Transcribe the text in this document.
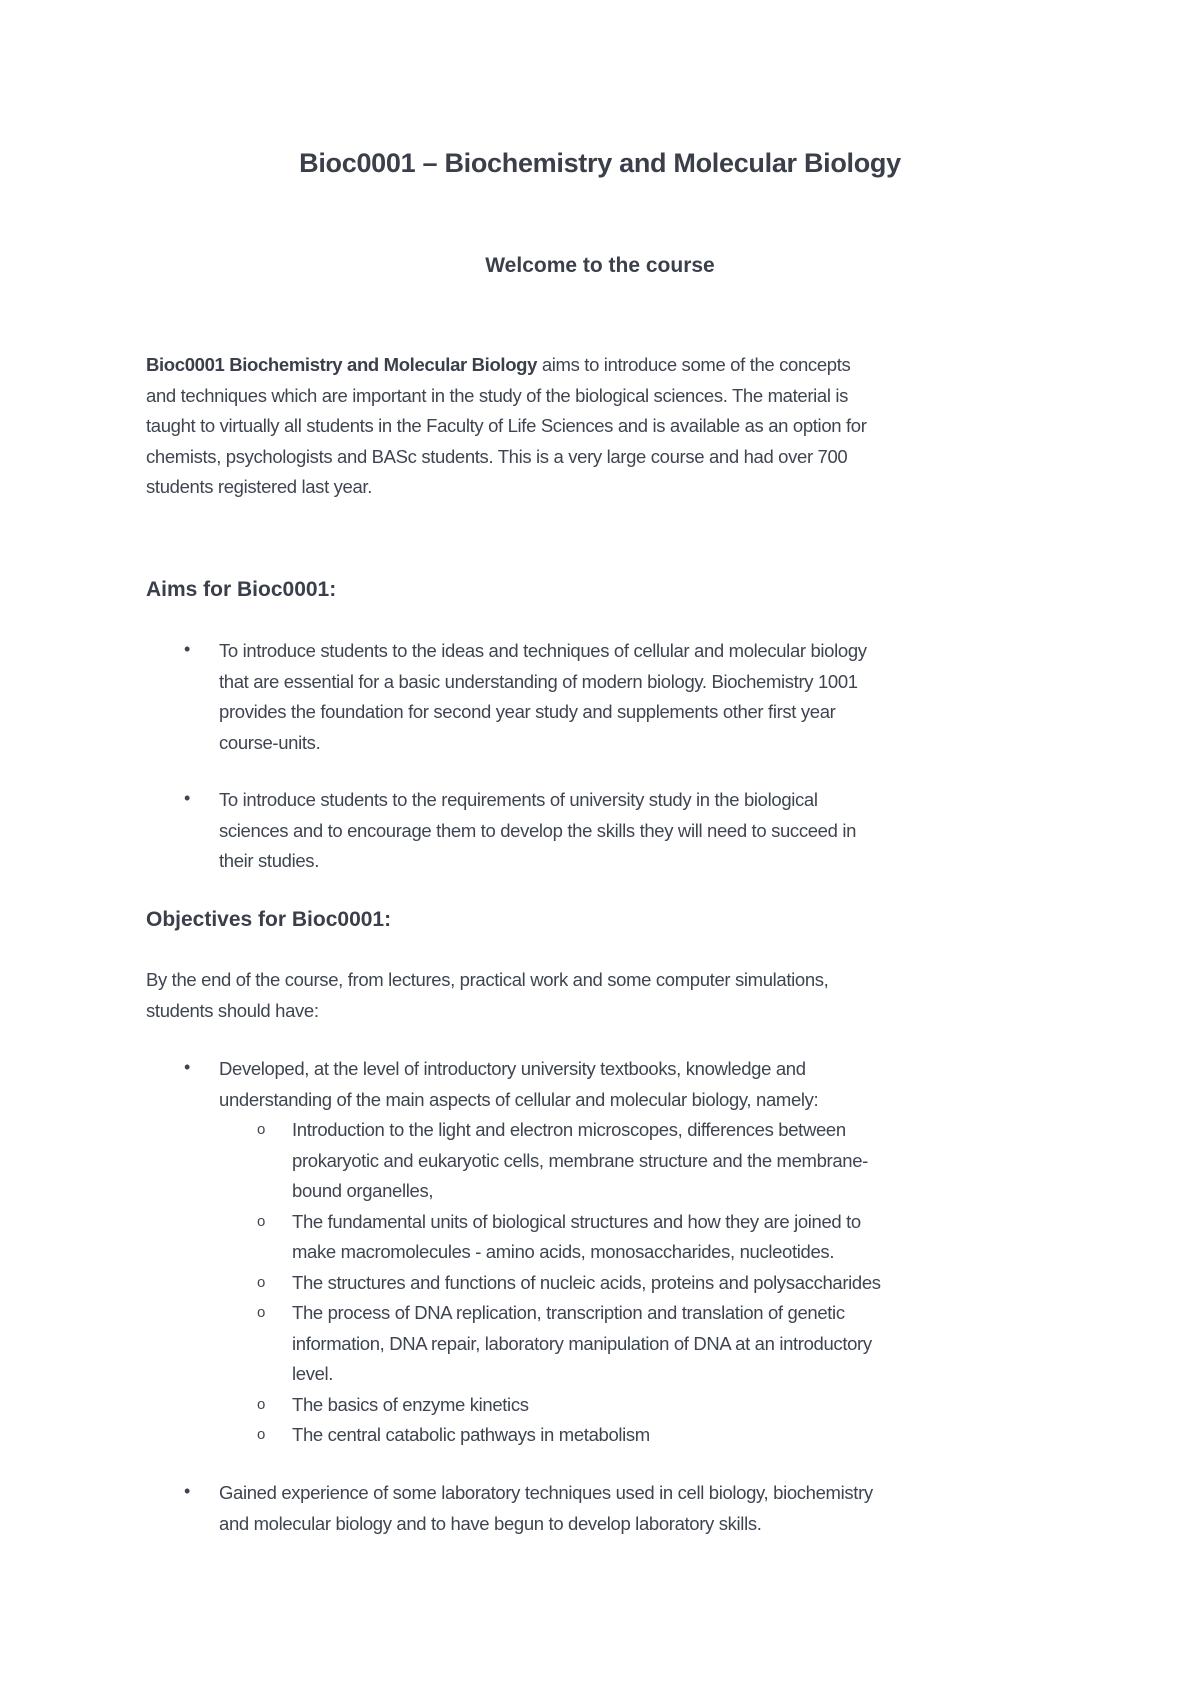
Bioc0001 – Biochemistry and Molecular Biology
Welcome to the course
Bioc0001 Biochemistry and Molecular Biology aims to introduce some of the concepts
and techniques which are important in the study of the biological sciences. The material is
taught to virtually all students in the Faculty of Life Sciences and is available as an option for
chemists, psychologists and BASc students. This is a very large course and had over 700
students registered last year.
Aims for Bioc0001:
• To introduce students to the ideas and techniques of cellular and molecular biology
that are essential for a basic understanding of modern biology. Biochemistry 1001
provides the foundation for second year study and supplements other first year
course-units.
• To introduce students to the requirements of university study in the biological
sciences and to encourage them to develop the skills they will need to succeed in
their studies.
Objectives for Bioc0001:
By the end of the course, from lectures, practical work and some computer simulations,
students should have:
• Developed, at the level of introductory university textbooks, knowledge and
understanding of the main aspects of cellular and molecular biology, namely:
o Introduction to the light and electron microscopes, differences between
prokaryotic and eukaryotic cells, membrane structure and the membrane-
bound organelles,
o The fundamental units of biological structures and how they are joined to
make macromolecules - amino acids, monosaccharides, nucleotides.
o The structures and functions of nucleic acids, proteins and polysaccharides
o The process of DNA replication, transcription and translation of genetic
information, DNA repair, laboratory manipulation of DNA at an introductory
level.
o The basics of enzyme kinetics
o The central catabolic pathways in metabolism
• Gained experience of some laboratory techniques used in cell biology, biochemistry
and molecular biology and to have begun to develop laboratory skills.
